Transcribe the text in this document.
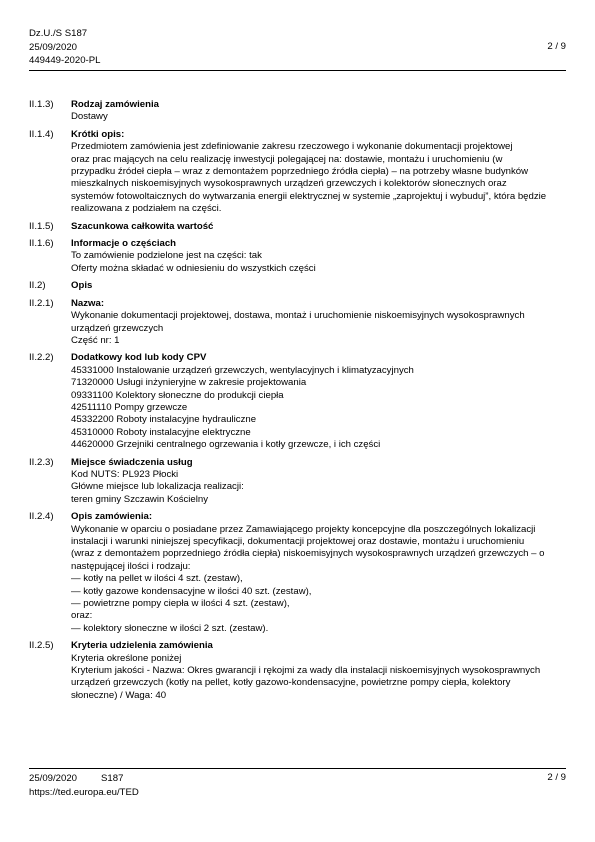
Dz.U./S S187
25/09/2020
449449-2020-PL
2 / 9
II.1.3) Rodzaj zamówienia
Dostawy
II.1.4) Krótki opis:
Przedmiotem zamówienia jest zdefiniowanie zakresu rzeczowego i wykonanie dokumentacji projektowej
oraz prac mających na celu realizację inwestycji polegającej na: dostawie, montażu i uruchomieniu (w
przypadku źródeł ciepła – wraz z demontażem poprzedniego źródła ciepła) – na potrzeby własne budynków
mieszkalnych niskoemisyjnych wysokosprawnych urządzeń grzewczych i kolektorów słonecznych oraz
systemów fotowoltaicznych do wytwarzania energii elektrycznej w systemie „zaprojektuj i wybuduj”, która będzie
realizowana z podziałem na części.
II.1.5) Szacunkowa całkowita wartość
II.1.6) Informacje o częściach
To zamówienie podzielone jest na części: tak
Oferty można składać w odniesieniu do wszystkich części
II.2)	Opis
II.2.1) Nazwa:
Wykonanie dokumentacji projektowej, dostawa, montaż i uruchomienie niskoemisyjnych wysokosprawnych
urządzeń grzewczych
Część nr: 1
II.2.2) Dodatkowy kod lub kody CPV
45331000 Instalowanie urządzeń grzewczych, wentylacyjnych i klimatyzacyjnych
71320000 Usługi inżynieryjne w zakresie projektowania
09331100 Kolektory słoneczne do produkcji ciepła
42511110 Pompy grzewcze
45332200 Roboty instalacyjne hydrauliczne
45310000 Roboty instalacyjne elektryczne
44620000 Grzejniki centralnego ogrzewania i kotły grzewcze, i ich części
II.2.3) Miejsce świadczenia usług
Kod NUTS: PL923 Płocki
Główne miejsce lub lokalizacja realizacji:
teren gminy Szczawin Kościelny
II.2.4) Opis zamówienia:
Wykonanie w oparciu o posiadane przez Zamawiającego projekty koncepcyjne dla poszczególnych lokalizacji
instalacji i warunki niniejszej specyfikacji, dokumentacji projektowej oraz dostawie, montażu i uruchomieniu
(wraz z demontażem poprzedniego źródła ciepła) niskoemisyjnych wysokosprawnych urządzeń grzewczych – o
następującej ilości i rodzaju:
— kotły na pellet w ilości 4 szt. (zestaw),
— kotły gazowe kondensacyjne w ilości 40 szt. (zestaw),
— powietrzne pompy ciepła w ilości 4 szt. (zestaw),
oraz:
— kolektory słoneczne w ilości 2 szt. (zestaw).
II.2.5) Kryteria udzielenia zamówienia
Kryteria określone poniżej
Kryterium jakości - Nazwa: Okres gwarancji i rękojmi za wady dla instalacji niskoemisyjnych wysokosprawnych
urządzeń grzewczych (kotły na pellet, kotły gazowo-kondensacyjne, powietrzne pompy ciepła, kolektory
słoneczne) / Waga: 40
25/09/2020	S187
https://ted.europa.eu/TED
2 / 9
